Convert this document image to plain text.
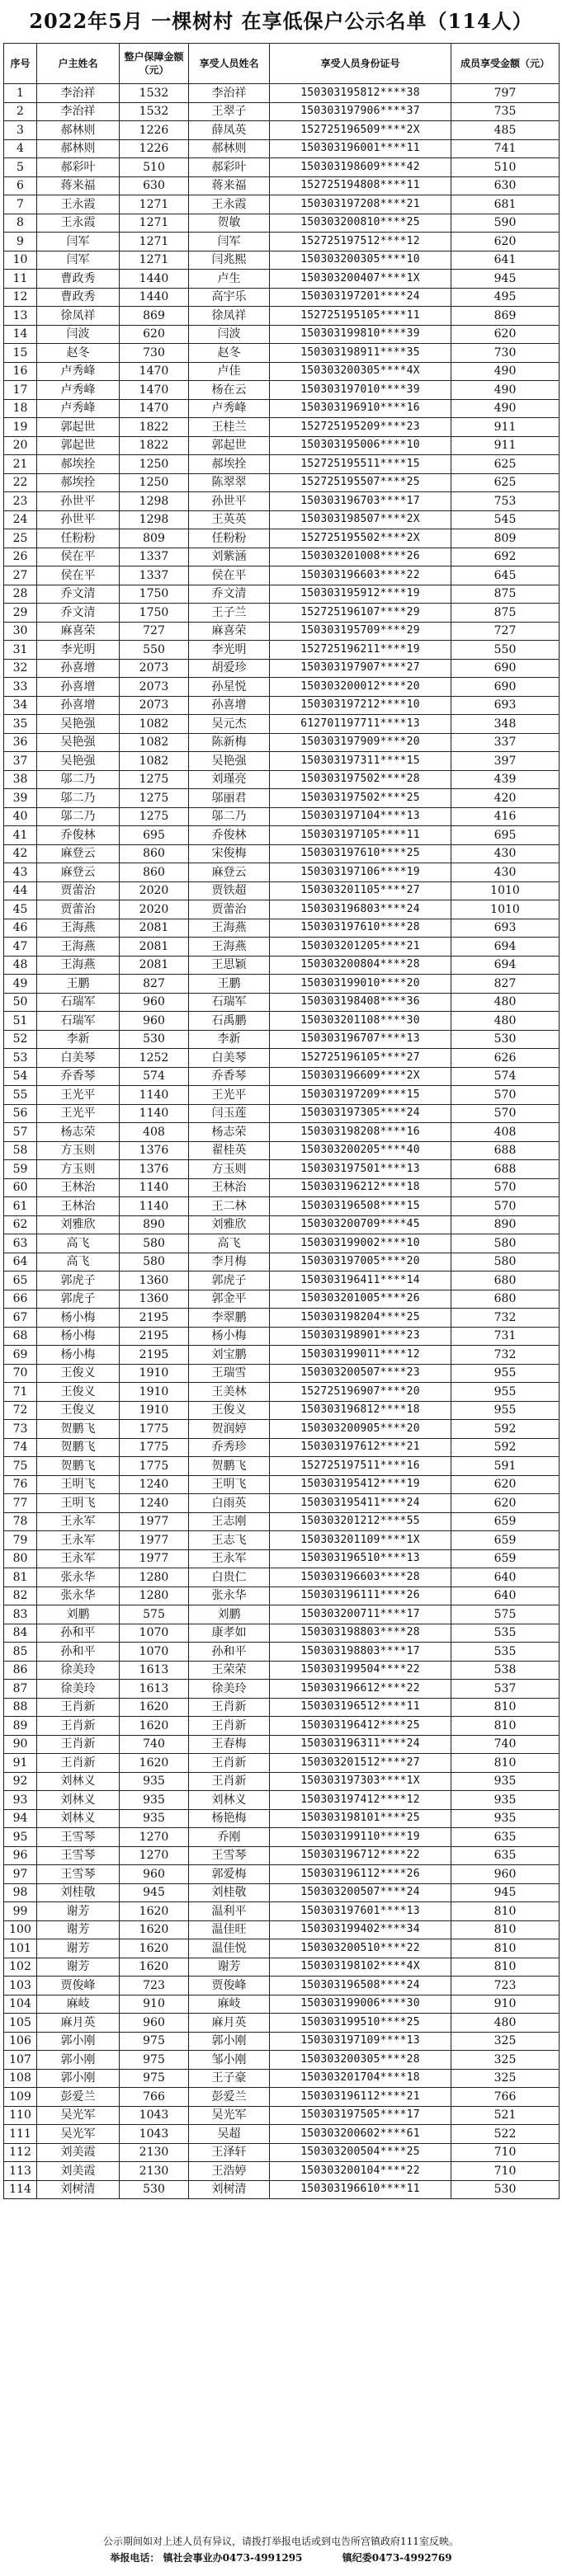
2022年5月 一棵树村 在享低保户公示名单（114人）
序号	户主姓名	整户保障金额（元）	享受人员姓名	享受人员身份证号	成员享受金额（元）
1	李治祥	1532	李治祥	150303195812****38	797
2	李治祥	1532	王翠子	150303197906****37	735
3	郝林则	1226	薛凤英	152725196509****2X	485
4	郝林则	1226	郝林则	150303196001****11	741
5	郝彩叶	510	郝彩叶	150303198609****42	510
6	蒋来福	630	蒋来福	152725194808****11	630
7	王永霞	1271	王永霞	150303197208****21	681
8	王永霞	1271	贺敏	150303200810****25	590
9	闫军	1271	闫军	152725197512****12	620
10	闫军	1271	闫兆熙	150303200305****10	641
11	曹政秀	1440	卢生	150303200407****1X	945
12	曹政秀	1440	高宇乐	150303197201****24	495
13	徐凤祥	869	徐凤祥	152725195105****11	869
14	闫波	620	闫波	150303199810****39	620
15	赵冬	730	赵冬	150303198911****35	730
16	卢秀峰	1470	卢佳	150303200305****4X	490
17	卢秀峰	1470	杨在云	150303197010****39	490
18	卢秀峰	1470	卢秀峰	150303196910****16	490
19	郭起世	1822	王桂兰	152725195209****23	911
20	郭起世	1822	郭起世	150303195006****10	911
21	郝埃拴	1250	郝埃拴	152725195511****15	625
22	郝埃拴	1250	陈翠翠	152725195507****25	625
23	孙世平	1298	孙世平	150303196703****17	753
24	孙世平	1298	王英英	150303198507****2X	545
25	任粉粉	809	任粉粉	152725195502****2X	809
26	侯在平	1337	刘紫涵	150303201008****26	692
27	侯在平	1337	侯在平	150303196603****22	645
28	乔文清	1750	乔文清	150303195912****19	875
29	乔文清	1750	王子兰	152725196107****29	875
30	麻喜荣	727	麻喜荣	150303195709****29	727
31	李光明	550	李光明	152725196211****19	550
32	孙喜增	2073	胡爱珍	150303197907****27	690
33	孙喜增	2073	孙星悦	150303200012****20	690
34	孙喜增	2073	孙喜增	150303197212****10	693
35	吴艳强	1082	吴元杰	612701197711****13	348
36	吴艳强	1082	陈新梅	150303197909****20	337
37	吴艳强	1082	吴艳强	150303197311****15	397
38	邬二乃	1275	刘瑾亮	150303197502****28	439
39	邬二乃	1275	邬丽君	150303197502****25	420
40	邬二乃	1275	邬二乃	150303197104****13	416
41	乔俊林	695	乔俊林	150303197105****11	695
42	麻登云	860	宋俊梅	150303197610****25	430
43	麻登云	860	麻登云	150303197106****19	430
44	贾蕾治	2020	贾铁超	150303201105****27	1010
45	贾蕾治	2020	贾蕾治	150303196803****24	1010
46	王海燕	2081	王海燕	150303197610****28	693
47	王海燕	2081	王海燕	150303201205****21	694
48	王海燕	2081	王思颖	150303200804****28	694
49	王鹏	827	王鹏	150303199010****20	827
50	石瑞军	960	石瑞军	150303198408****36	480
51	石瑞军	960	石禹鹏	150303201108****30	480
52	李新	530	李新	150303196707****13	530
53	白美琴	1252	白美琴	152725196105****27	626
54	乔香琴	574	乔香琴	150303196609****2X	574
55	王光平	1140	王光平	150303197209****15	570
56	王光平	1140	闫玉莲	150303197305****24	570
57	杨志荣	408	杨志荣	150303198208****16	408
58	方玉则	1376	翟桂英	150303200205****40	688
59	方玉则	1376	方玉则	150303197501****13	688
60	王林治	1140	王林治	150303196212****18	570
61	王林治	1140	王二林	150303196508****15	570
62	刘雅欣	890	刘雅欣	150303200709****45	890
63	高飞	580	高飞	150303199002****10	580
64	高飞	580	李月梅	150303197005****20	580
65	郭虎子	1360	郭虎子	150303196411****14	680
66	郭虎子	1360	郭金平	150303201005****26	680
67	杨小梅	2195	李翠鹏	150303198204****25	732
68	杨小梅	2195	杨小梅	150303198901****23	731
69	杨小梅	2195	刘宝鹏	150303199011****12	732
70	王俊义	1910	王瑞雪	150303200507****23	955
71	王俊义	1910	王美林	152725196907****20	955
72	王俊义	1910	王俊义	150303196812****18	955
73	贺鹏飞	1775	贺润婷	150303200905****20	592
74	贺鹏飞	1775	乔秀珍	150303197612****21	592
75	贺鹏飞	1775	贺鹏飞	152725197511****16	591
76	王明飞	1240	王明飞	150303195412****19	620
77	王明飞	1240	白雨英	150303195411****24	620
78	王永军	1977	王志刚	150303201212****55	659
79	王永军	1977	王志飞	150303201109****1X	659
80	王永军	1977	王永军	150303196510****13	659
81	张永华	1280	白贵仁	150303196603****28	640
82	张永华	1280	张永华	150303196111****26	640
83	刘鹏	575	刘鹏	150303200711****17	575
84	孙和平	1070	康孝如	150303198803****28	535
85	孙和平	1070	孙和平	150303198803****17	535
86	徐美玲	1613	王荣荣	150303199504****22	538
87	徐美玲	1613	徐美玲	150303196612****22	537
88	王肖新	1620	王肖新	150303196512****11	810
89	王肖新	1620	王肖新	150303196412****25	810
90	王肖新	740	王春梅	150303196311****24	740
91	王肖新	1620	王肖新	150303201512****27	810
92	刘林义	935	王肖新	150303197303****1X	935
93	刘林义	935	刘林义	150303197412****12	935
94	刘林义	935	杨艳梅	150303198101****25	935
95	王雪琴	1270	乔刚	150303199110****19	635
96	王雪琴	1270	王雪琴	150303196712****22	635
97	王雪琴	960	郭爱梅	150303196112****26	960
98	刘桂敬	945	刘桂敬	150303200507****24	945
99	谢芳	1620	温利平	150303197601****13	810
100	谢芳	1620	温佳旺	150303199402****34	810
101	谢芳	1620	温佳悦	150303200510****22	810
102	谢芳	1620	谢芳	150303198102****4X	810
103	贾俊峰	723	贾俊峰	150303196508****24	723
104	麻岐	910	麻岐	150303199006****30	910
105	麻月英	960	麻月英	150303199510****25	480
106	郭小刚	975	郭小刚	150303197109****13	325
107	郭小刚	975	邹小刚	150303200305****28	325
108	郭小刚	975	王子豪	150303201704****18	325
109	彭爱兰	766	彭爱兰	150303196112****21	766
110	吴光军	1043	吴光军	150303197505****17	521
111	吴光军	1043	吴超	150303200602****61	522
112	刘美霞	2130	王泽轩	150303200504****25	710
113	刘美霞	2130	王浩婷	150303200104****22	710
114	刘树清	530	刘树清	150303196610****11	530
公示期间如对上述人员有异议，请拨打举报电话或到屯告所宫镇政府111室反映。
举报电话： 镇社会事业办0473-4991295	镇纪委0473-4992769
